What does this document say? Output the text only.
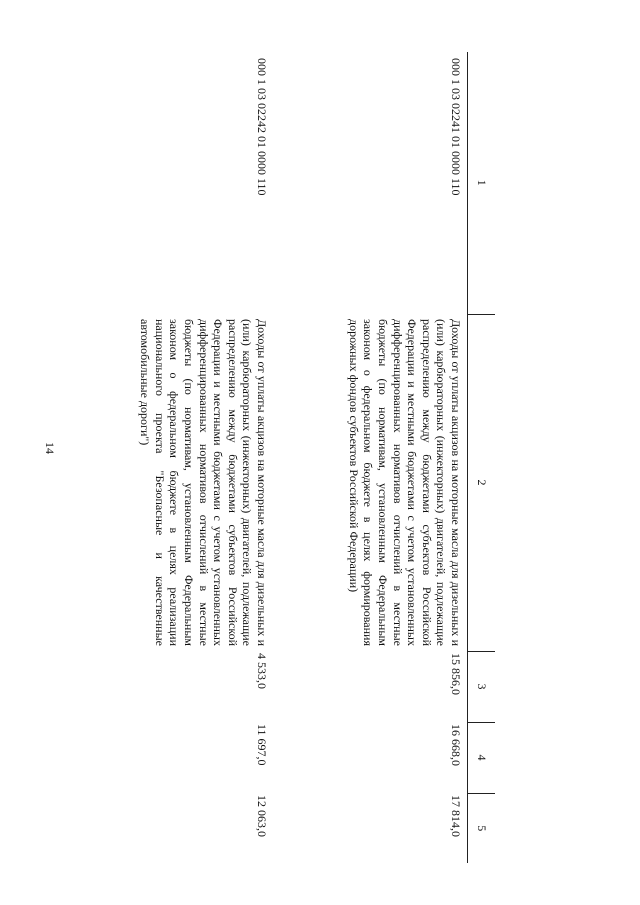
14
1	2	3	4	5
000 1 03 02241 01 0000 110	Доходы от уплаты акцизов на моторные масла для дизельных и (или) карбюраторных (инжекторных) двигателей, подлежащие распределению между бюджетами субъектов Российской Федерации и местными бюджетами с учетом установленных дифференцированных нормативов отчислений в местные бюджеты (по нормативам, установленным Федеральным законом о федеральном бюджете в целях формирования дорожных фондов субъектов Российской Федерации)	15 856,0	16 668,0	17 814,0
000 1 03 02242 01 0000 110	Доходы от уплаты акцизов на моторные масла для дизельных и (или) карбюраторных (инжекторных) двигателей, подлежащие распределению между бюджетами субъектов Российской Федерации и местными бюджетами с учетом установленных дифференцированных нормативов отчислений в местные бюджеты (по нормативам, установленным Федеральным законом о федеральном бюджете в целях реализации национального проекта "Безопасные и качественные автомобильные дороги")	4 533,0	11 697,0	12 063,0
